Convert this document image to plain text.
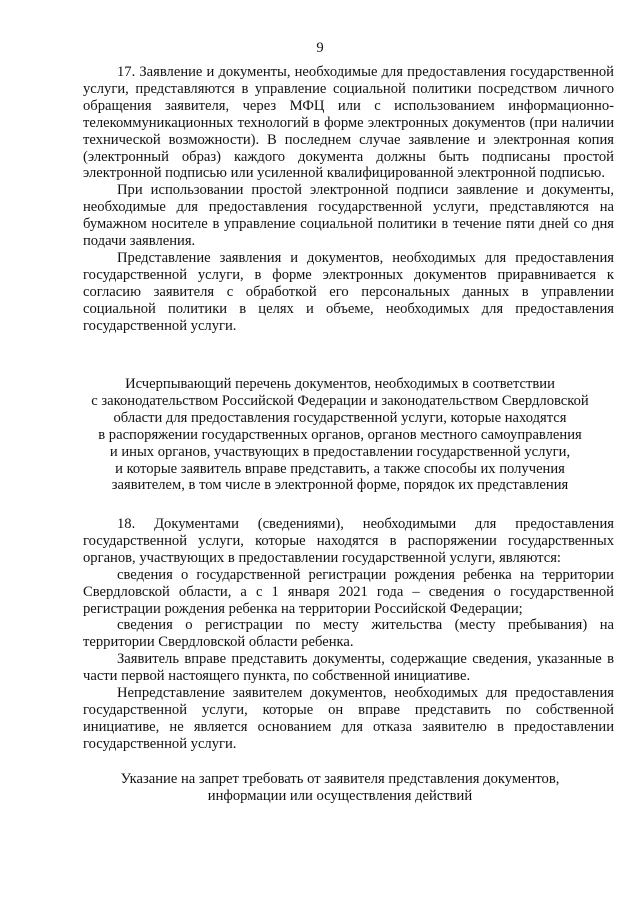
9

17. Заявление и документы, необходимые для предоставления государственной услуги, представляются в управление социальной политики посредством личного обращения заявителя, через МФЦ или с использованием информационно-телекоммуникационных технологий в форме электронных документов (при наличии технической возможности). В последнем случае заявление и электронная копия (электронный образ) каждого документа должны быть подписаны простой электронной подписью или усиленной квалифицированной электронной подписью.

При использовании простой электронной подписи заявление и документы, необходимые для предоставления государственной услуги, представляются на бумажном носителе в управление социальной политики в течение пяти дней со дня подачи заявления.

Представление заявления и документов, необходимых для предоставления государственной услуги, в форме электронных документов приравнивается к согласию заявителя с обработкой его персональных данных в управлении социальной политики в целях и объеме, необходимых для предоставления государственной услуги.

Исчерпывающий перечень документов, необходимых в соответствии
с законодательством Российской Федерации и законодательством Свердловской
области для предоставления государственной услуги, которые находятся
в распоряжении государственных органов, органов местного самоуправления
и иных органов, участвующих в предоставлении государственной услуги,
и которые заявитель вправе представить, а также способы их получения
заявителем, в том числе в электронной форме, порядок их представления

18. Документами (сведениями), необходимыми для предоставления государственной услуги, которые находятся в распоряжении государственных органов, участвующих в предоставлении государственной услуги, являются:

сведения о государственной регистрации рождения ребенка на территории Свердловской области, а с 1 января 2021 года – сведения о государственной регистрации рождения ребенка на территории Российской Федерации;

сведения о регистрации по месту жительства (месту пребывания) на территории Свердловской области ребенка.

Заявитель вправе представить документы, содержащие сведения, указанные в части первой настоящего пункта, по собственной инициативе.

Непредставление заявителем документов, необходимых для предоставления государственной услуги, которые он вправе представить по собственной инициативе, не является основанием для отказа заявителю в предоставлении государственной услуги.

Указание на запрет требовать от заявителя представления документов,
информации или осуществления действий
